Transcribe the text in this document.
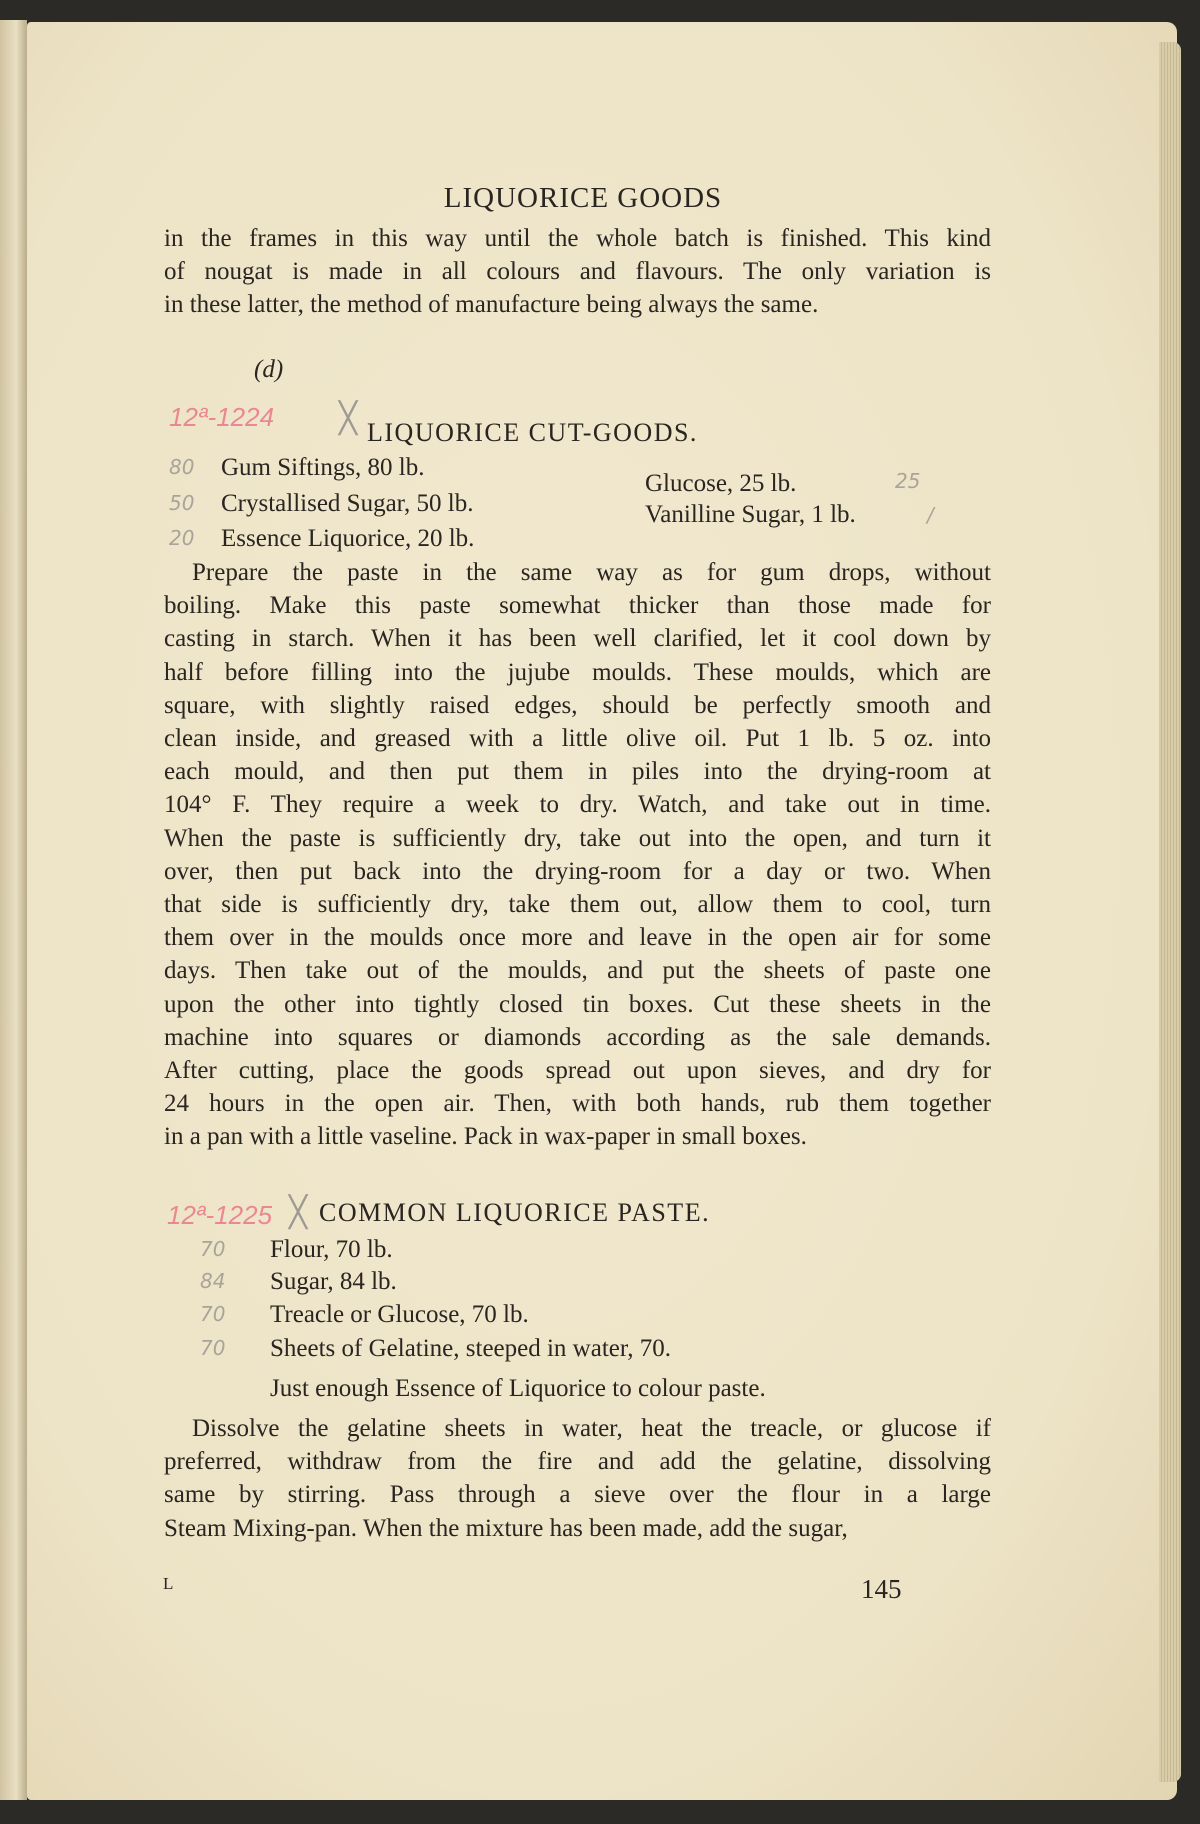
LIQUORICE GOODS
in the frames in this way until the whole batch is finished. This kind
of nougat is made in all colours and flavours. The only variation is
in these latter, the method of manufacture being always the same.
(d)
12ª-1224 ╳ LIQUORICE CUT-GOODS.
80
50
20
Gum Siftings, 80 lb.
Crystallised Sugar, 50 lb.
Essence Liquorice, 20 lb.
Glucose, 25 lb.
Vanilline Sugar, 1 lb.
25
/
Prepare the paste in the same way as for gum drops, without
boiling. Make this paste somewhat thicker than those made for
casting in starch. When it has been well clarified, let it cool down by
half before filling into the jujube moulds. These moulds, which are
square, with slightly raised edges, should be perfectly smooth and
clean inside, and greased with a little olive oil. Put 1 lb. 5 oz. into
each mould, and then put them in piles into the drying-room at
104° F. They require a week to dry. Watch, and take out in time.
When the paste is sufficiently dry, take out into the open, and turn it
over, then put back into the drying-room for a day or two. When
that side is sufficiently dry, take them out, allow them to cool, turn
them over in the moulds once more and leave in the open air for some
days. Then take out of the moulds, and put the sheets of paste one
upon the other into tightly closed tin boxes. Cut these sheets in the
machine into squares or diamonds according as the sale demands.
After cutting, place the goods spread out upon sieves, and dry for
24 hours in the open air. Then, with both hands, rub them together
in a pan with a little vaseline. Pack in wax-paper in small boxes.
12ª-1225 ╳ COMMON LIQUORICE PASTE.
70
84
70
70
Flour, 70 lb.
Sugar, 84 lb.
Treacle or Glucose, 70 lb.
Sheets of Gelatine, steeped in water, 70.
Just enough Essence of Liquorice to colour paste.
Dissolve the gelatine sheets in water, heat the treacle, or glucose if
preferred, withdraw from the fire and add the gelatine, dissolving
same by stirring. Pass through a sieve over the flour in a large
Steam Mixing-pan. When the mixture has been made, add the sugar,
L	145
